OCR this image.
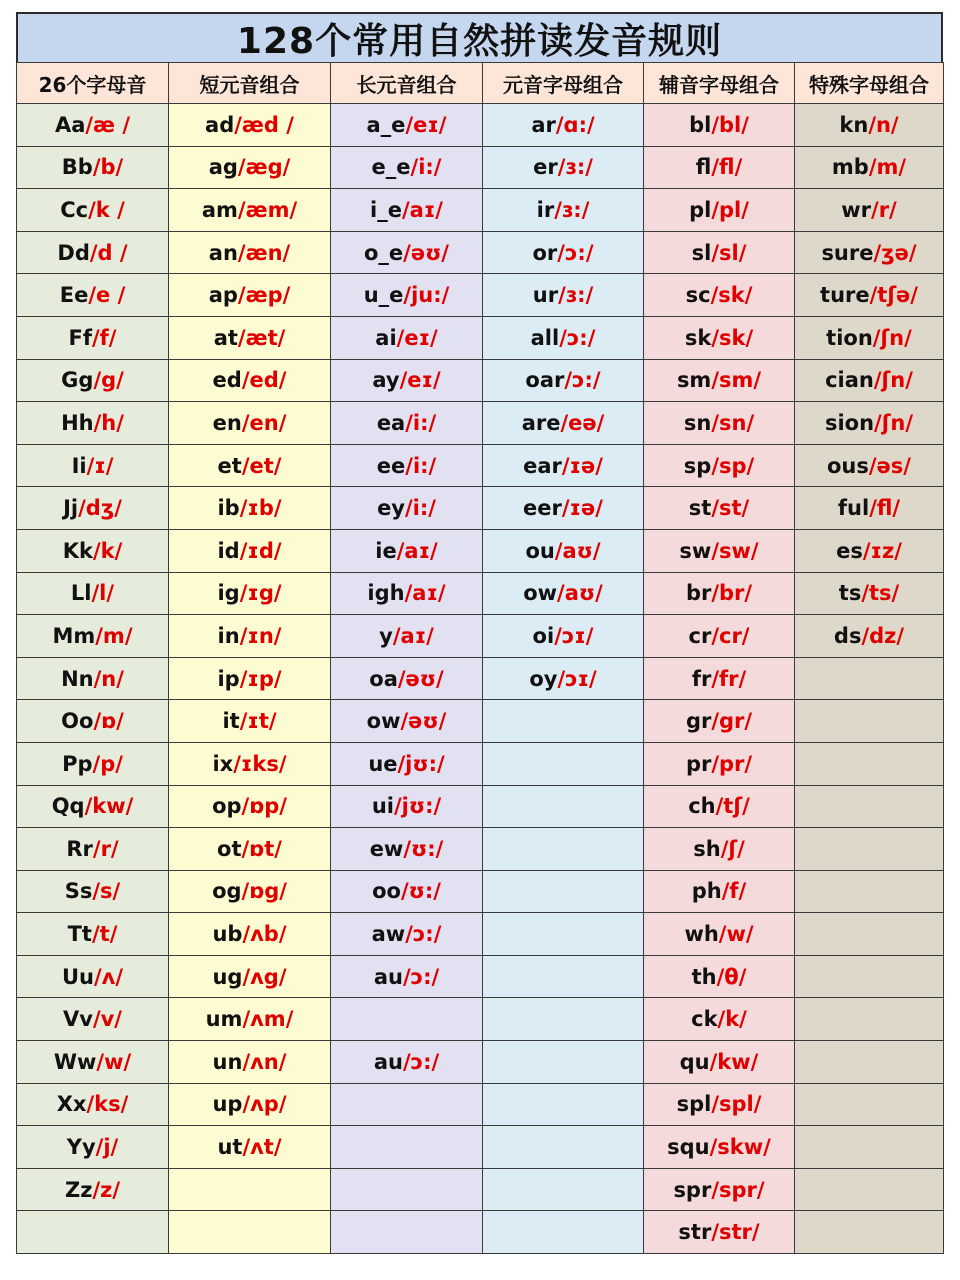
128个常用自然拼读发音规则
26个字母音	短元音组合	长元音组合	元音字母组合	辅音字母组合	特殊字母组合
Aa/æ /	ad/æd /	a_e/eɪ/	ar/ɑ:/	bl/bl/	kn/n/
Bb/b/	ag/æg/	e_e/i:/	er/ɜ:/	fl/fl/	mb/m/
Cc/k /	am/æm/	i_e/aɪ/	ir/ɜ:/	pl/pl/	wr/r/
Dd/d /	an/æn/	o_e/əʊ/	or/ɔ:/	sl/sl/	sure/ʒə/
Ee/e /	ap/æp/	u_e/ju:/	ur/ɜ:/	sc/sk/	ture/tʃə/
Ff/f/	at/æt/	ai/eɪ/	all/ɔ:/	sk/sk/	tion/ʃn/
Gg/g/	ed/ed/	ay/eɪ/	oar/ɔ:/	sm/sm/	cian/ʃn/
Hh/h/	en/en/	ea/i:/	are/eə/	sn/sn/	sion/ʃn/
Ii/ɪ/	et/et/	ee/i:/	ear/ɪə/	sp/sp/	ous/əs/
Jj/dʒ/	ib/ɪb/	ey/i:/	eer/ɪə/	st/st/	ful/fl/
Kk/k/	id/ɪd/	ie/aɪ/	ou/aʊ/	sw/sw/	es/ɪz/
Ll/l/	ig/ɪg/	igh/aɪ/	ow/aʊ/	br/br/	ts/ts/
Mm/m/	in/ɪn/	y/aɪ/	oi/ɔɪ/	cr/cr/	ds/dz/
Nn/n/	ip/ɪp/	oa/əʊ/	oy/ɔɪ/	fr/fr/	
Oo/ɒ/	it/ɪt/	ow/əʊ/		gr/gr/	
Pp/p/	ix/ɪks/	ue/jʊ:/		pr/pr/	
Qq/kw/	op/ɒp/	ui/jʊ:/		ch/tʃ/	
Rr/r/	ot/ɒt/	ew/ʊ:/		sh/ʃ/	
Ss/s/	og/ɒg/	oo/ʊ:/		ph/f/	
Tt/t/	ub/ʌb/	aw/ɔ:/		wh/w/	
Uu/ʌ/	ug/ʌg/	au/ɔ:/		th/θ/	
Vv/v/	um/ʌm/			ck/k/	
Ww/w/	un/ʌn/	au/ɔ:/		qu/kw/	
Xx/ks/	up/ʌp/			spl/spl/	
Yy/j/	ut/ʌt/			squ/skw/	
Zz/z/				spr/spr/	
				str/str/	
